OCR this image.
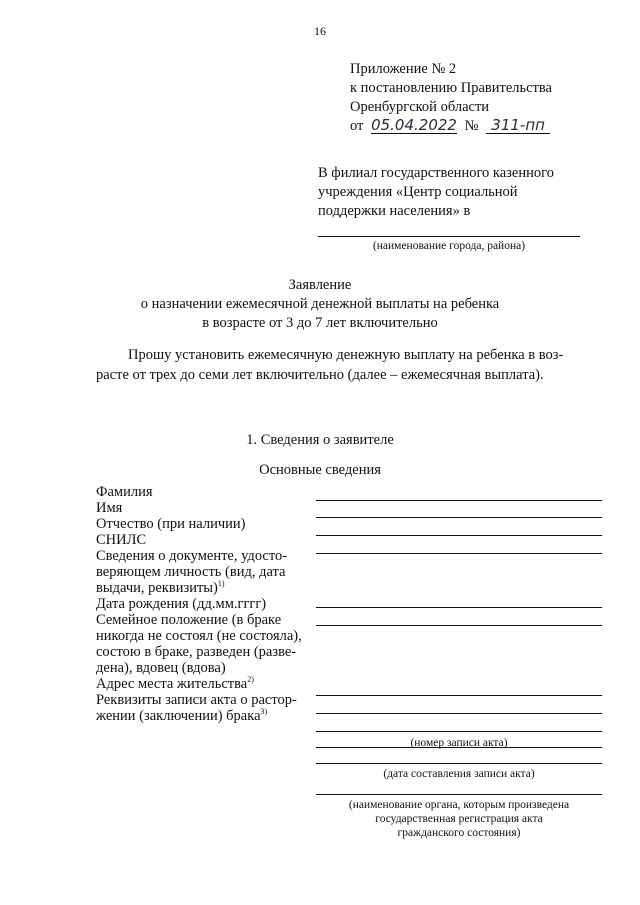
16
Приложение № 2
к постановлению Правительства
Оренбургской области
от 05.04.2022 № 311-пп
В филиал государственного казенного
учреждения «Центр социальной
поддержки населения» в
(наименование города, района)
Заявление
о назначении ежемесячной денежной выплаты на ребенка
в возрасте от 3 до 7 лет включительно
Прошу установить ежемесячную денежную выплату на ребенка в воз-
расте от трех до семи лет включительно (далее – ежемесячная выплата).
1. Сведения о заявителе
Основные сведения
Фамилия
Имя
Отчество (при наличии)
СНИЛС
Сведения о документе, удосто-
веряющем личность (вид, дата
выдачи, реквизиты)$^{1)}$
Дата рождения (дд.мм.гггг)
Семейное положение (в браке
никогда не состоял (не состояла),
состою в браке, разведен (разве-
дена), вдовец (вдова)
Адрес места жительства$^{2)}$
Реквизиты записи акта о растор-
жении (заключении) брака$^{3)}$
(номер записи акта)
(дата составления записи акта)
(наименование органа, которым произведена
государственная регистрация акта
гражданского состояния)
